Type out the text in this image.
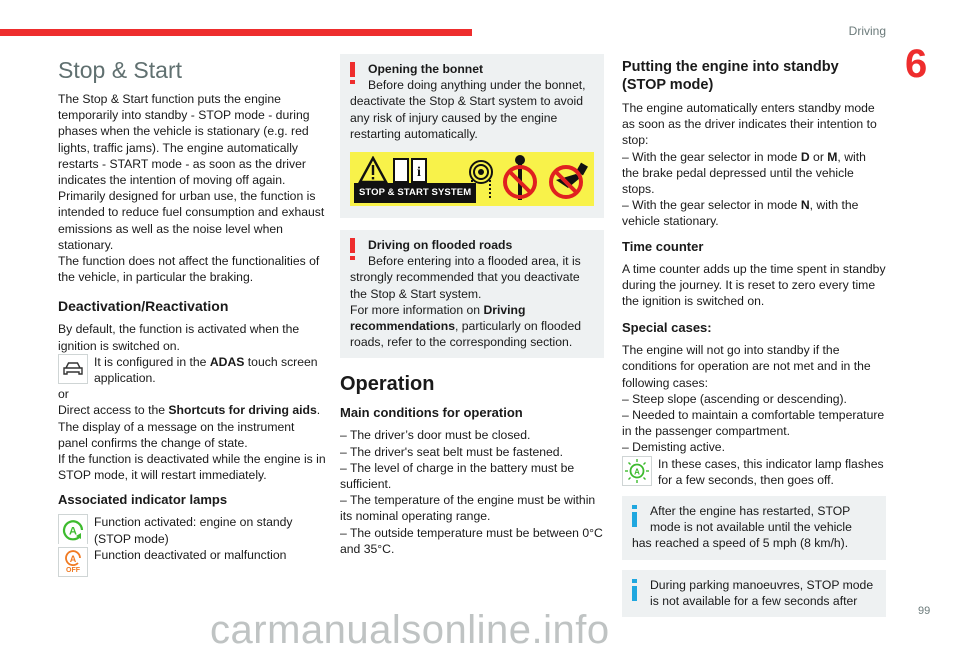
Driving
6
Stop & Start

The Stop & Start function puts the engine temporarily into standby - STOP mode - during phases when the vehicle is stationary (e.g. red lights, traffic jams). The engine automatically restarts - START mode - as soon as the driver indicates the intention of moving off again.

Primarily designed for urban use, the function is intended to reduce fuel consumption and exhaust emissions as well as the noise level when stationary.

The function does not affect the functionalities of the vehicle, in particular the braking.

Deactivation/Reactivation

By default, the function is activated when the ignition is switched on.

It is configured in the ADAS touch screen application.

or

Direct access to the Shortcuts for driving aids.

The display of a message on the instrument panel confirms the change of state.

If the function is deactivated while the engine is in STOP mode, it will restart immediately.

Associated indicator lamps
A

Function activated: engine on standy (STOP mode)

A
OFF

Function deactivated or malfunction

Opening the bonnet

Before doing anything under the bonnet,

deactivate the Stop & Start system to avoid any risk of injury caused by the engine restarting automatically.

i
STOP & START SYSTEM

Driving on flooded roads

Before entering into a flooded area, it is

strongly recommended that you deactivate the Stop & Start system.

For more information on Driving recommendations, particularly on flooded roads, refer to the corresponding section.

Operation
Main conditions for operation

– The driver’s door must be closed.

– The driver's seat belt must be fastened.

– The level of charge in the battery must be sufficient.

– The temperature of the engine must be within its nominal operating range.

– The outside temperature must be between 0°C and 35°C.

Putting the engine into standby (STOP mode)

The engine automatically enters standby mode as soon as the driver indicates their intention to stop:

– With the gear selector in mode D or M, with the brake pedal depressed until the vehicle stops.

– With the gear selector in mode N, with the vehicle stationary.

Time counter

A time counter adds up the time spent in standby during the journey. It is reset to zero every time the ignition is switched on.

Special cases:

The engine will not go into standby if the conditions for operation are not met and in the following cases:

– Steep slope (ascending or descending).

– Needed to maintain a comfortable temperature in the passenger compartment.

– Demisting active.

A

In these cases, this indicator lamp flashes for a few seconds, then goes off.

After the engine has restarted, STOP mode is not available until the vehicle

has reached a speed of 5 mph (8 km/h).

During parking manoeuvres, STOP mode is not available for a few seconds after

carmanualsonline.info	99
